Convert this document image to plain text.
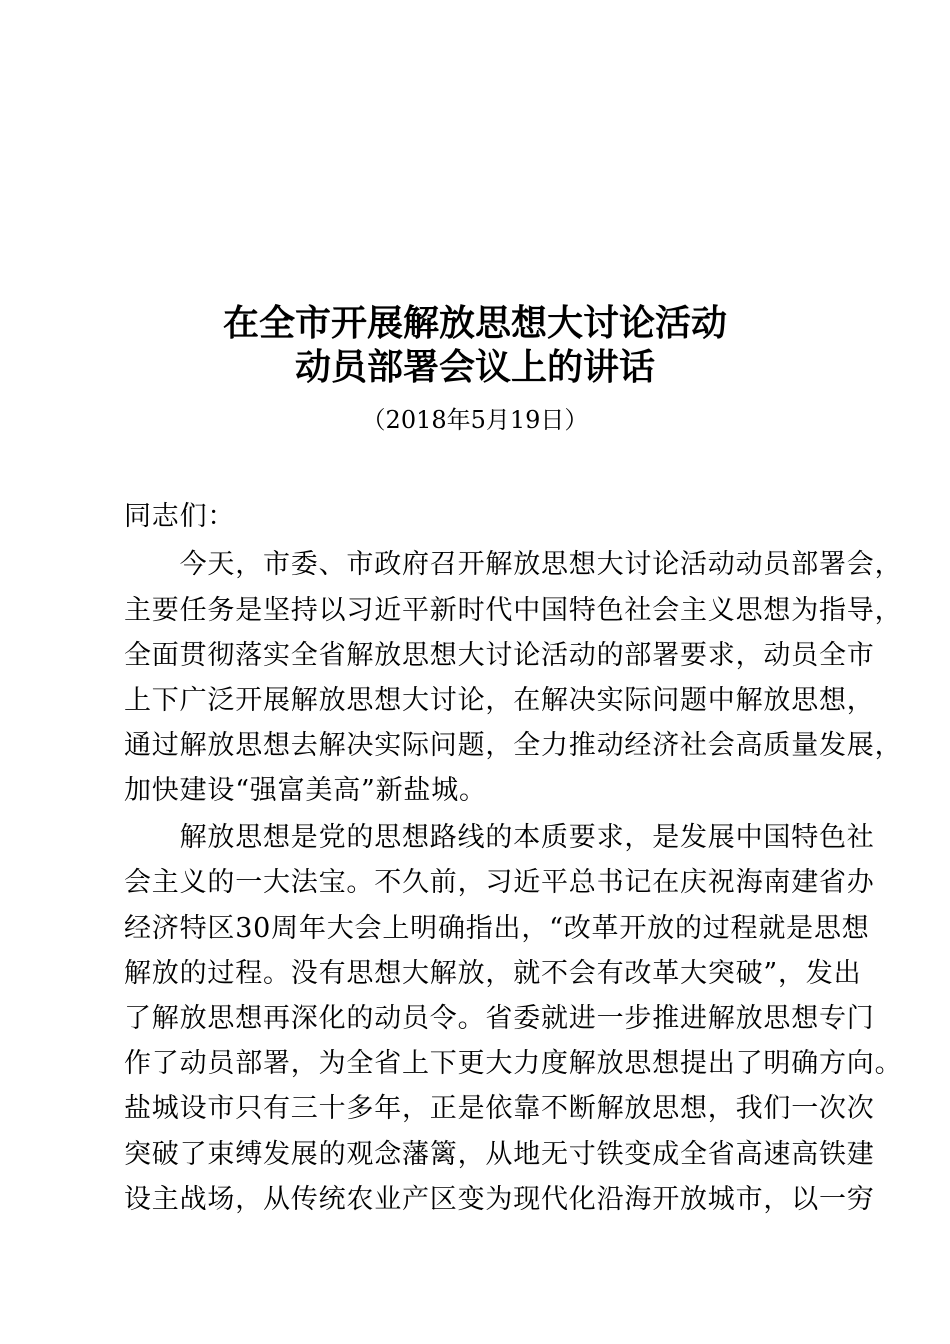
在全市开展解放思想大讨论活动
动员部署会议上的讲话
（2018年5月19日）
同志们：
　　今天，市委、市政府召开解放思想大讨论活动动员部署会，
主要任务是坚持以习近平新时代中国特色社会主义思想为指导，
全面贯彻落实全省解放思想大讨论活动的部署要求，动员全市
上下广泛开展解放思想大讨论，在解决实际问题中解放思想，
通过解放思想去解决实际问题，全力推动经济社会高质量发展，
加快建设“强富美高”新盐城。
　　解放思想是党的思想路线的本质要求，是发展中国特色社
会主义的一大法宝。不久前，习近平总书记在庆祝海南建省办
经济特区30周年大会上明确指出，“改革开放的过程就是思想
解放的过程。没有思想大解放，就不会有改革大突破”，发出
了解放思想再深化的动员令。省委就进一步推进解放思想专门
作了动员部署，为全省上下更大力度解放思想提出了明确方向。
盐城设市只有三十多年，正是依靠不断解放思想，我们一次次
突破了束缚发展的观念藩篱，从地无寸铁变成全省高速高铁建
设主战场，从传统农业产区变为现代化沿海开放城市，以一穷
